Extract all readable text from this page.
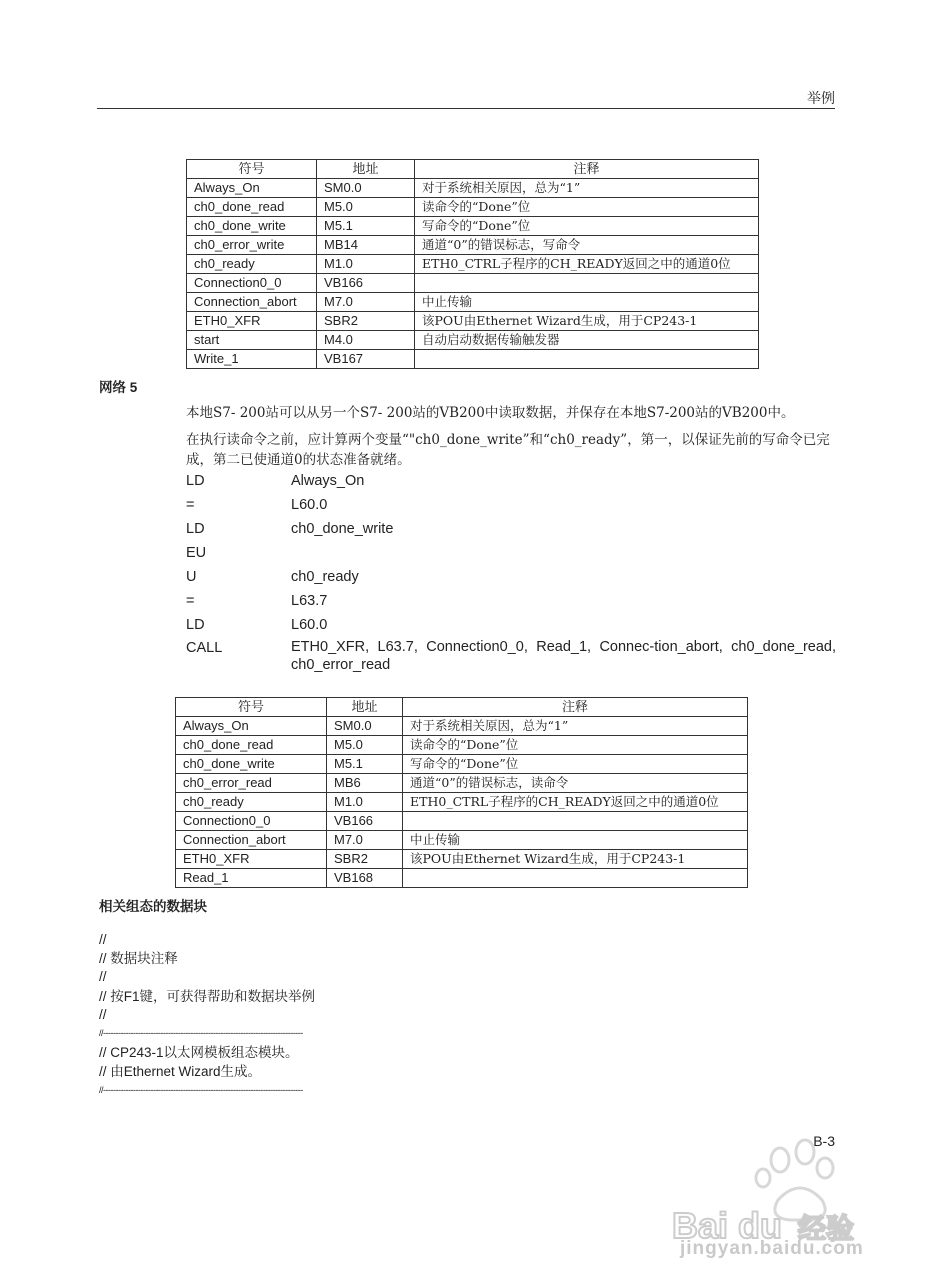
举例
符号	地址	注释
Always_On	SM0.0	对于系统相关原因，总为“1”
ch0_done_read	M5.0	读命令的“Done”位
ch0_done_write	M5.1	写命令的“Done”位
ch0_error_write	MB14	通道“0”的错误标志，写命令
ch0_ready	M1.0	ETH0_CTRL子程序的CH_READY返回之中的通道0位
Connection0_0	VB166	
Connection_abort	M7.0	中止传输
ETH0_XFR	SBR2	该POU由Ethernet Wizard生成，用于CP243-1
start	M4.0	自动启动数据传输触发器
Write_1	VB167	
网络 5
本地S7- 200站可以从另一个S7- 200站的VB200中读取数据，并保存在本地S7-200站的VB200中。
在执行读命令之前，应计算两个变量“"ch0_done_write”和“ch0_ready”，第一，以保证先前的写命令已完成，第二已使通道0的状态准备就绪。
LD	Always_On
=	L60.0
LD	ch0_done_write
EU
U	ch0_ready
=	L63.7
LD	L60.0
CALL	ETH0_XFR, L63.7, Connection0_0, Read_1, Connec-tion_abort, ch0_done_read, ch0_error_read
符号	地址	注释
Always_On	SM0.0	对于系统相关原因，总为“1”
ch0_done_read	M5.0	读命令的“Done”位
ch0_done_write	M5.1	写命令的“Done”位
ch0_error_read	MB6	通道“0”的错误标志，读命令
ch0_ready	M1.0	ETH0_CTRL子程序的CH_READY返回之中的通道0位
Connection0_0	VB166	
Connection_abort	M7.0	中止传输
ETH0_XFR	SBR2	该POU由Ethernet Wizard生成，用于CP243-1
Read_1	VB168	
相关组态的数据块
//
// 数据块注释
//
// 按F1键，可获得帮助和数据块举例
//
//--------------------------------------------------------------------------------
// CP243-1以太网模板组态模块。
// 由Ethernet Wizard生成。
//--------------------------------------------------------------------------------
B-3
Bai du 经验
jingyan.baidu.com
